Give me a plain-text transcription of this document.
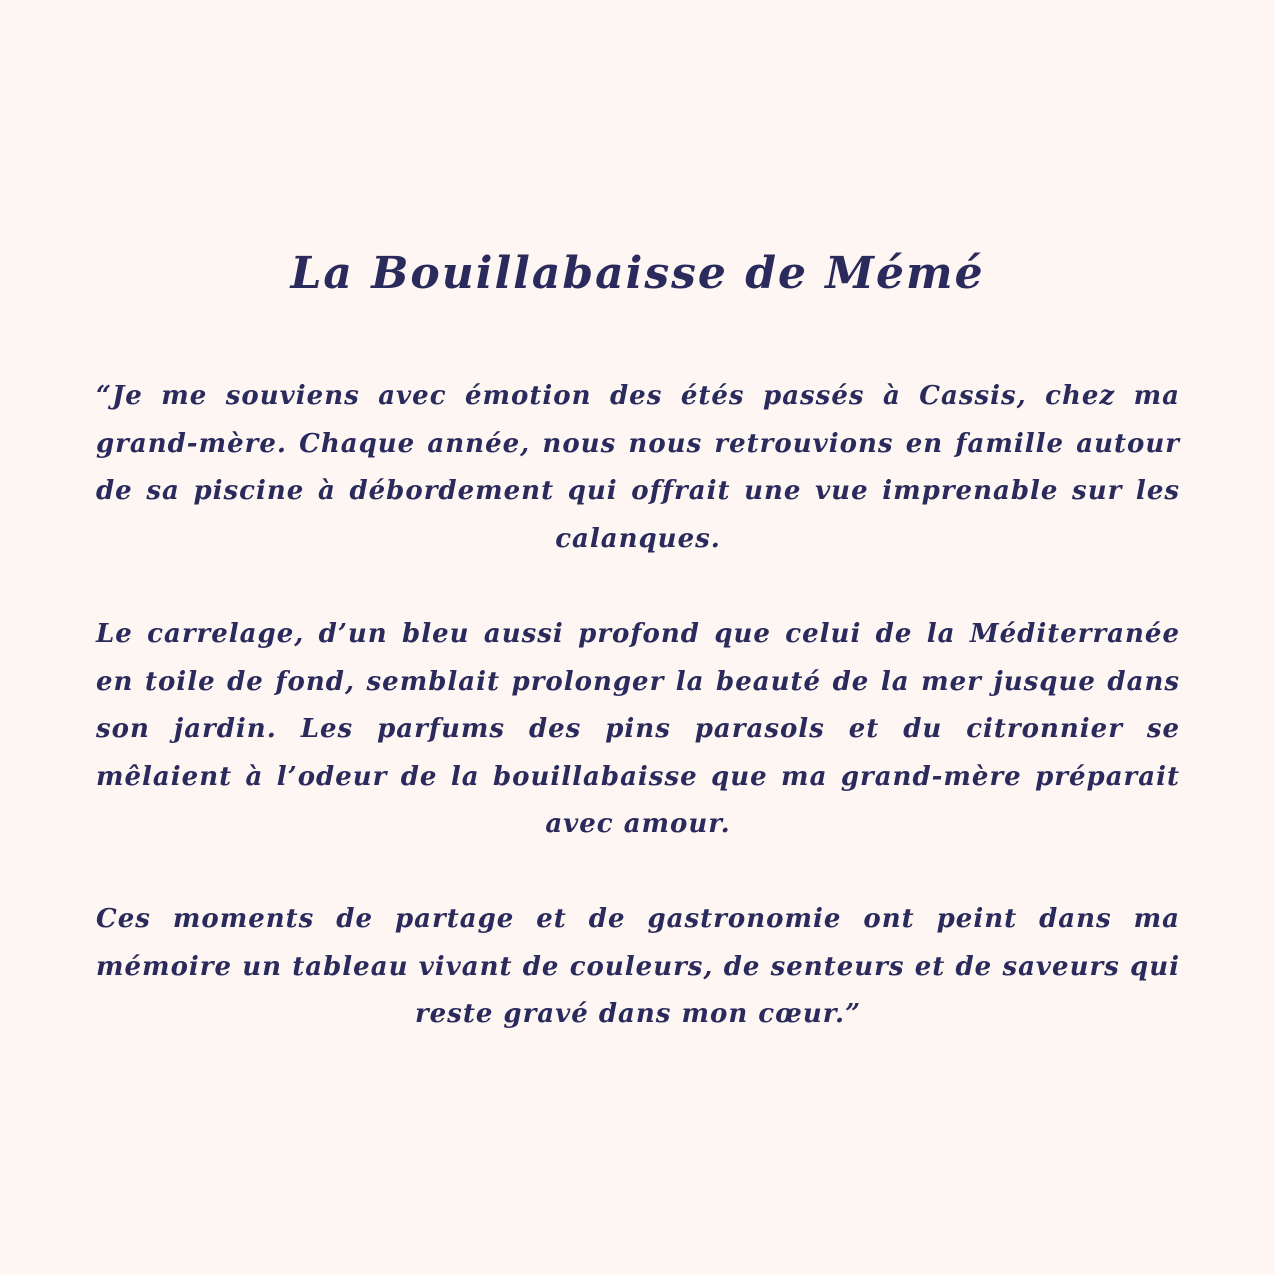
La Bouillabaisse de Mémé

“Je me souviens avec émotion des étés passés à Cassis, chez ma grand-mère. Chaque année, nous nous retrouvions en famille autour de sa piscine à débordement qui offrait une vue imprenable sur les calanques.

Le carrelage, d’un bleu aussi profond que celui de la Méditerranée en toile de fond, semblait prolonger la beauté de la mer jusque dans son jardin. Les parfums des pins parasols et du citronnier se mêlaient à l’odeur de la bouillabaisse que ma grand-mère préparait avec amour.

Ces moments de partage et de gastronomie ont peint dans ma mémoire un tableau vivant de couleurs, de senteurs et de saveurs qui reste gravé dans mon cœur.”
